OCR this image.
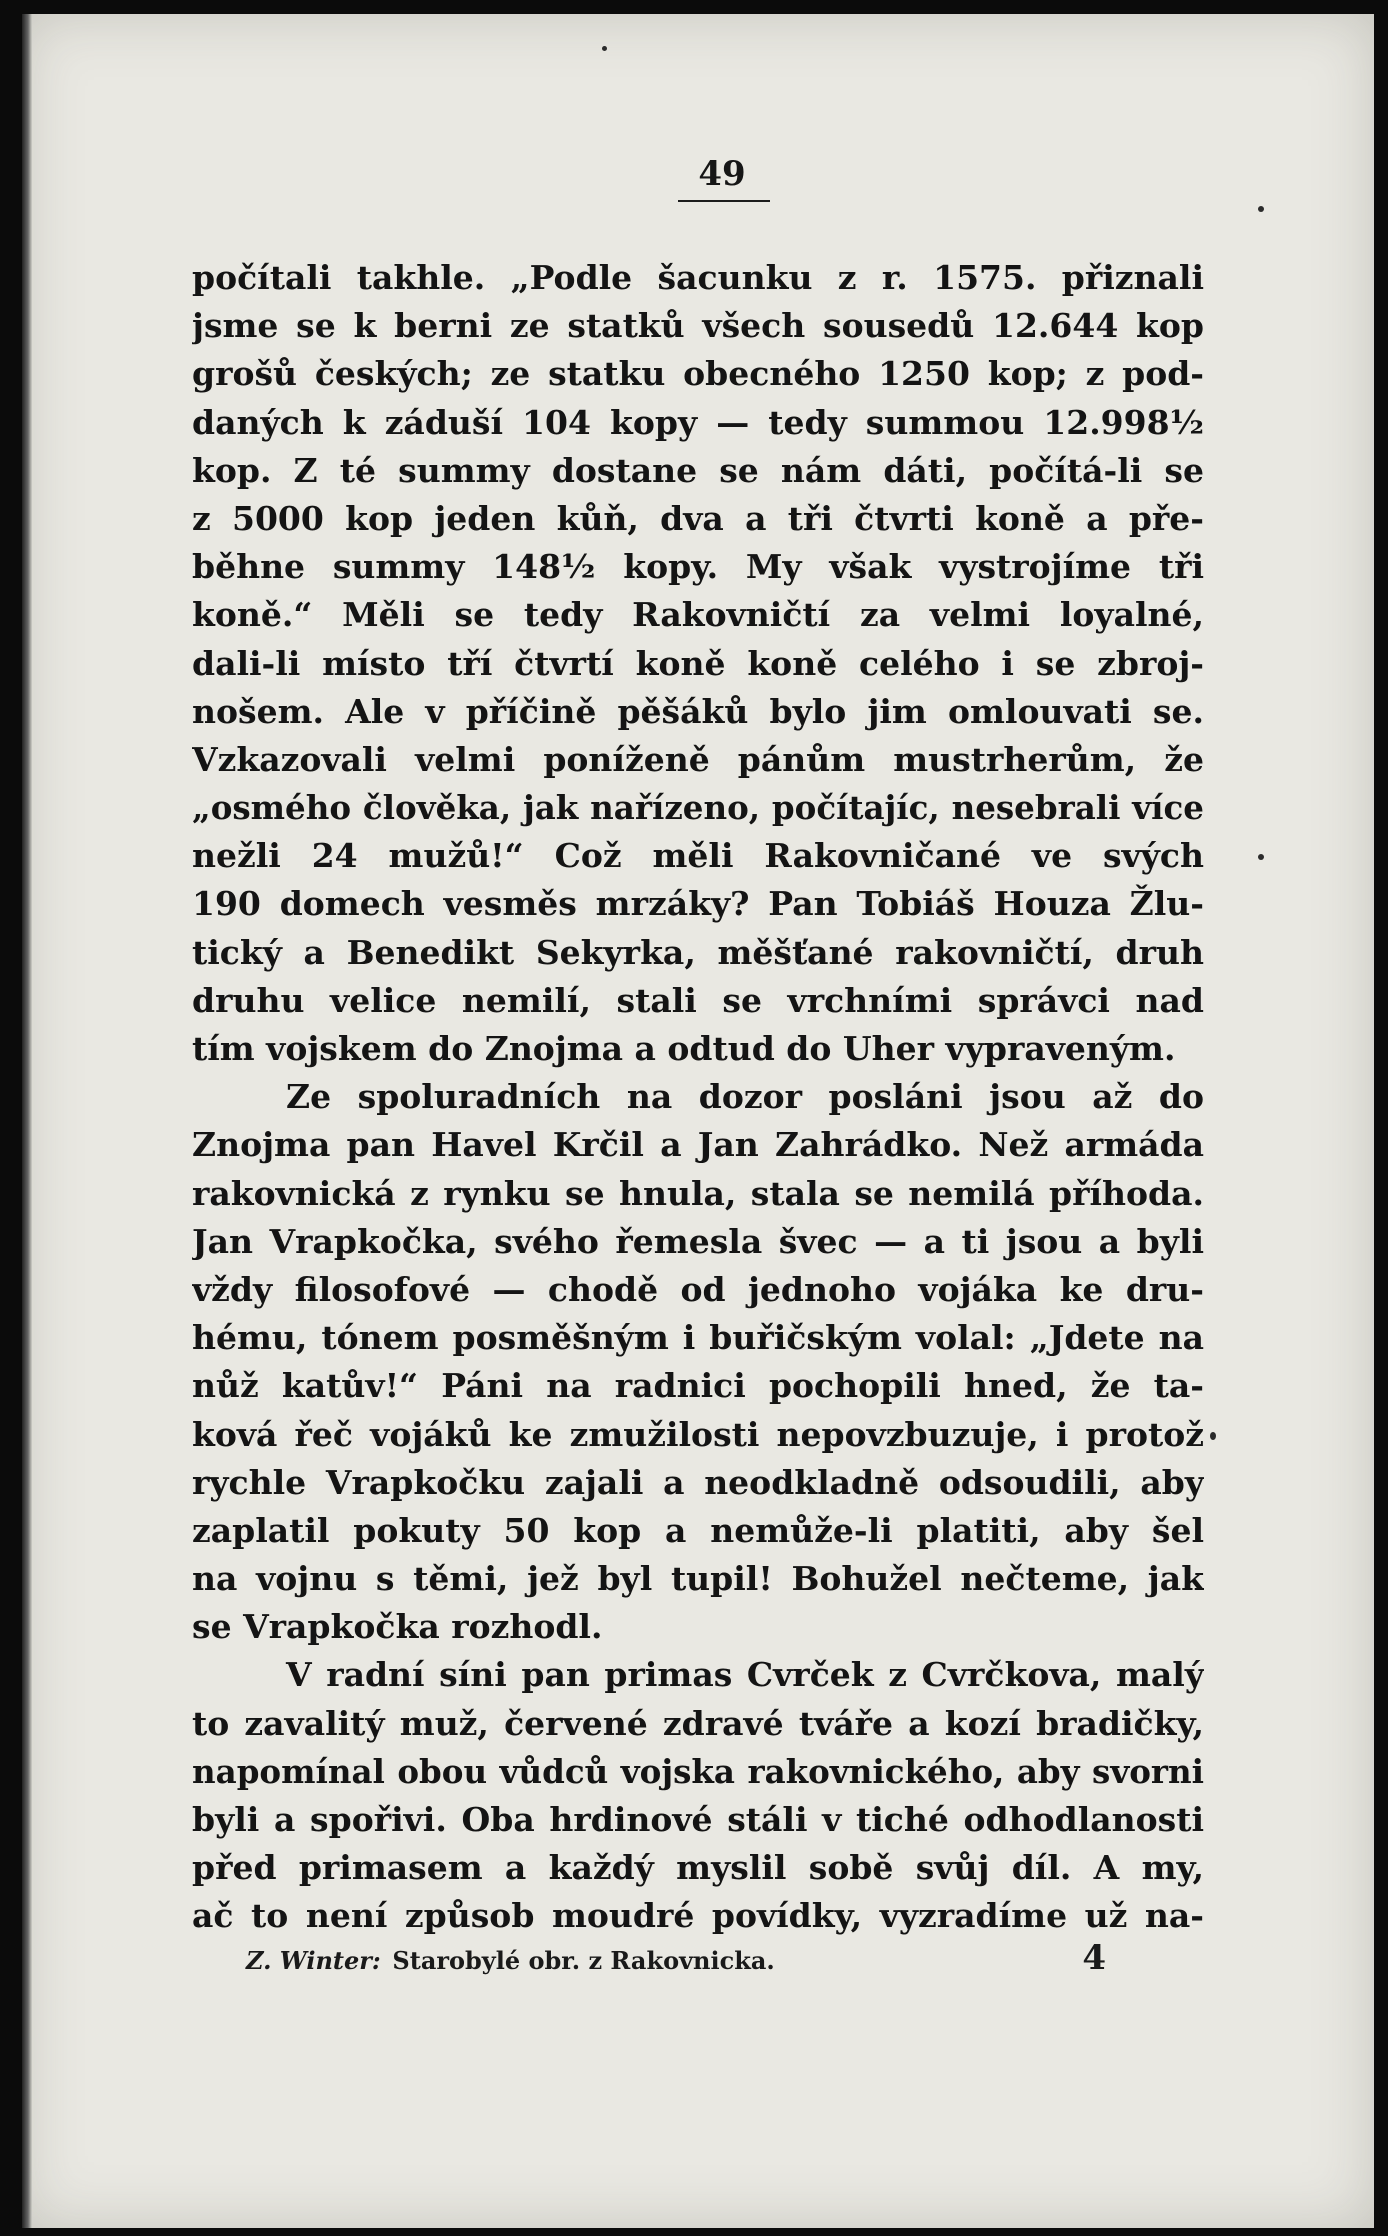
49
počítali takhle. „Podle šacunku z r. 1575. přiznali
jsme se k berni ze statků všech sousedů 12.644 kop
grošů českých; ze statku obecného 1250 kop; z pod-
daných k záduší 104 kopy — tedy summou 12.998½
kop. Z té summy dostane se nám dáti, počítá-li se
z 5000 kop jeden kůň, dva a tři čtvrti koně a pře-
běhne summy 148½ kopy. My však vystrojíme tři
koně.“ Měli se tedy Rakovničtí za velmi loyalné,
dali-li místo tří čtvrtí koně koně celého i se zbroj-
nošem. Ale v příčině pěšáků bylo jim omlouvati se.
Vzkazovali velmi poníženě pánům mustrherům, že
„osmého člověka, jak nařízeno, počítajíc, nesebrali více
nežli 24 mužů!“ Což měli Rakovničané ve svých
190 domech vesměs mrzáky? Pan Tobiáš Houza Žlu-
tický a Benedikt Sekyrka, měšťané rakovničtí, druh
druhu velice nemilí, stali se vrchními správci nad
tím vojskem do Znojma a odtud do Uher vypraveným.
Ze spoluradních na dozor posláni jsou až do
Znojma pan Havel Krčil a Jan Zahrádko. Než armáda
rakovnická z rynku se hnula, stala se nemilá příhoda.
Jan Vrapkočka, svého řemesla švec — a ti jsou a byli
vždy filosofové — chodě od jednoho vojáka ke dru-
hému, tónem posměšným i buřičským volal: „Jdete na
nůž katův!“ Páni na radnici pochopili hned, že ta-
ková řeč vojáků ke zmužilosti nepovzbuzuje, i protož
rychle Vrapkočku zajali a neodkladně odsoudili, aby
zaplatil pokuty 50 kop a nemůže-li platiti, aby šel
na vojnu s těmi, jež byl tupil! Bohužel nečteme, jak
se Vrapkočka rozhodl.
V radní síni pan primas Cvrček z Cvrčkova, malý
to zavalitý muž, červené zdravé tváře a kozí bradičky,
napomínal obou vůdců vojska rakovnického, aby svorni
byli a spořivi. Oba hrdinové stáli v tiché odhodlanosti
před primasem a každý myslil sobě svůj díl. A my,
ač to není způsob moudré povídky, vyzradíme už na-
Z. Winter: Starobylé obr. z Rakovnicka.	4
